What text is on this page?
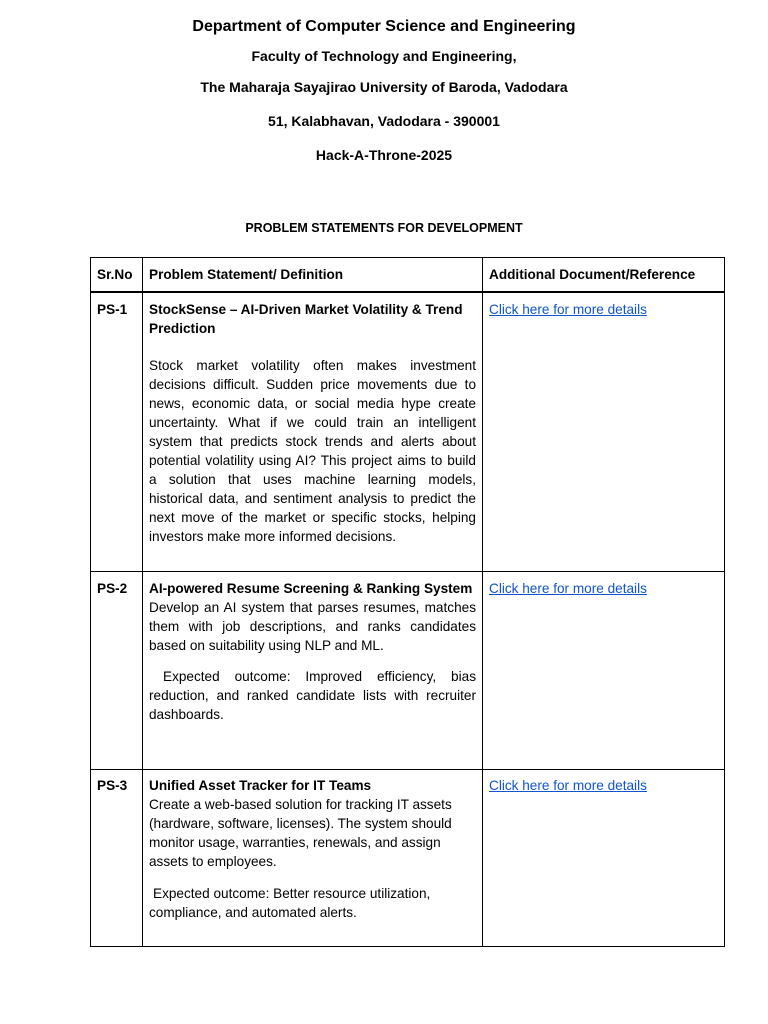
Department of Computer Science and Engineering
Faculty of Technology and Engineering,
The Maharaja Sayajirao University of Baroda, Vadodara
51, Kalabhavan, Vadodara - 390001
Hack-A-Throne-2025
PROBLEM STATEMENTS FOR DEVELOPMENT
Sr.No	Problem Statement/ Definition	Additional Document/Reference
PS-1	StockSense – AI-Driven Market Volatility & Trend Prediction

Stock market volatility often makes investment decisions difficult. Sudden price movements due to news, economic data, or social media hype create uncertainty. What if we could train an intelligent system that predicts stock trends and alerts about potential volatility using AI? This project aims to build a solution that uses machine learning models, historical data, and sentiment analysis to predict the next move of the market or specific stocks, helping investors make more informed decisions.	Click here for more details
PS-2	AI-powered Resume Screening & Ranking System

Develop an AI system that parses resumes, matches them with job descriptions, and ranks candidates based on suitability using NLP and ML.

Expected outcome: Improved efficiency, bias reduction, and ranked candidate lists with recruiter dashboards.	Click here for more details
PS-3	Unified Asset Tracker for IT Teams

Create a web-based solution for tracking IT assets (hardware, software, licenses). The system should monitor usage, warranties, renewals, and assign assets to employees.

Expected outcome: Better resource utilization, compliance, and automated alerts.	Click here for more details
